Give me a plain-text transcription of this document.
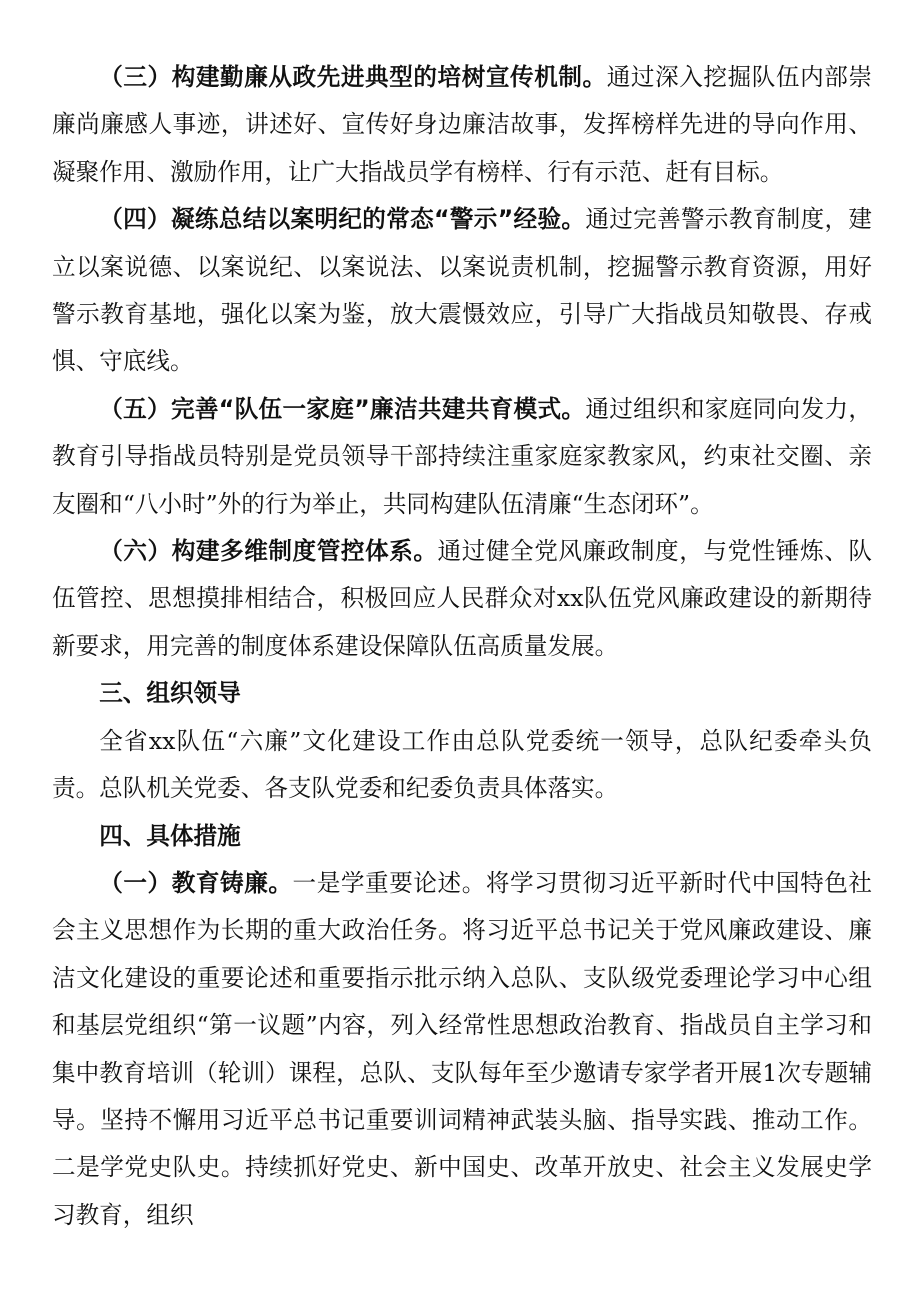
（三）构建勤廉从政先进典型的培树宣传机制。通过深入挖掘队伍内部崇廉尚廉感人事迹，讲述好、宣传好身边廉洁故事，发挥榜样先进的导向作用、凝聚作用、激励作用，让广大指战员学有榜样、行有示范、赶有目标。

（四）凝练总结以案明纪的常态“警示”经验。通过完善警示教育制度，建立以案说德、以案说纪、以案说法、以案说责机制，挖掘警示教育资源，用好警示教育基地，强化以案为鉴，放大震慑效应，引导广大指战员知敬畏、存戒惧、守底线。

（五）完善“队伍一家庭”廉洁共建共育模式。通过组织和家庭同向发力，教育引导指战员特别是党员领导干部持续注重家庭家教家风，约束社交圈、亲友圈和“八小时”外的行为举止，共同构建队伍清廉“生态闭环”。

（六）构建多维制度管控体系。通过健全党风廉政制度，与党性锤炼、队伍管控、思想摸排相结合，积极回应人民群众对xx队伍党风廉政建设的新期待新要求，用完善的制度体系建设保障队伍高质量发展。

三、组织领导

全省xx队伍“六廉”文化建设工作由总队党委统一领导，总队纪委牵头负责。总队机关党委、各支队党委和纪委负责具体落实。

四、具体措施

（一）教育铸廉。一是学重要论述。将学习贯彻习近平新时代中国特色社会主义思想作为长期的重大政治任务。将习近平总书记关于党风廉政建设、廉洁文化建设的重要论述和重要指示批示纳入总队、支队级党委理论学习中心组和基层党组织“第一议题”内容，列入经常性思想政治教育、指战员自主学习和集中教育培训（轮训）课程，总队、支队每年至少邀请专家学者开展1次专题辅导。坚持不懈用习近平总书记重要训词精神武装头脑、指导实践、推动工作。二是学党史队史。持续抓好党史、新中国史、改革开放史、社会主义发展史学习教育，组织
